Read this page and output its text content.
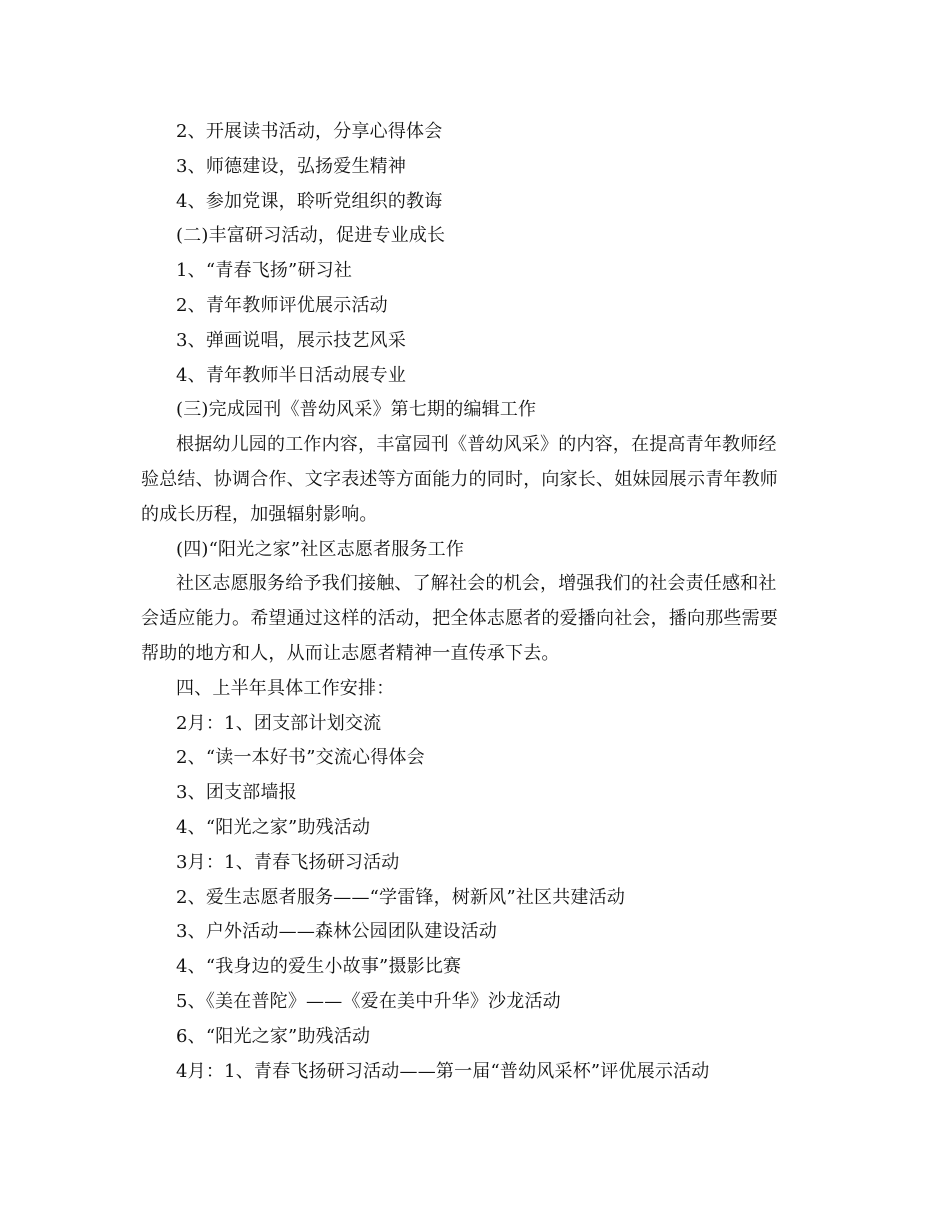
2、开展读书活动，分享心得体会
3、师德建设，弘扬爱生精神
4、参加党课，聆听党组织的教诲
(二)丰富研习活动，促进专业成长
1、“青春飞扬”研习社
2、青年教师评优展示活动
3、弹画说唱，展示技艺风采
4、青年教师半日活动展专业
(三)完成园刊《普幼风采》第七期的编辑工作
根据幼儿园的工作内容，丰富园刊《普幼风采》的内容，在提高青年教师经
验总结、协调合作、文字表述等方面能力的同时，向家长、姐妹园展示青年教师
的成长历程，加强辐射影响。
(四)“阳光之家”社区志愿者服务工作
社区志愿服务给予我们接触、了解社会的机会，增强我们的社会责任感和社
会适应能力。希望通过这样的活动，把全体志愿者的爱播向社会，播向那些需要
帮助的地方和人，从而让志愿者精神一直传承下去。
四、上半年具体工作安排：
2月：1、团支部计划交流
2、“读一本好书”交流心得体会
3、团支部墙报
4、“阳光之家”助残活动
3月：1、青春飞扬研习活动
2、爱生志愿者服务——“学雷锋，树新风”社区共建活动
3、户外活动——森林公园团队建设活动
4、“我身边的爱生小故事”摄影比赛
5、《美在普陀》——《爱在美中升华》沙龙活动
6、“阳光之家”助残活动
4月：1、青春飞扬研习活动——第一届“普幼风采杯”评优展示活动
